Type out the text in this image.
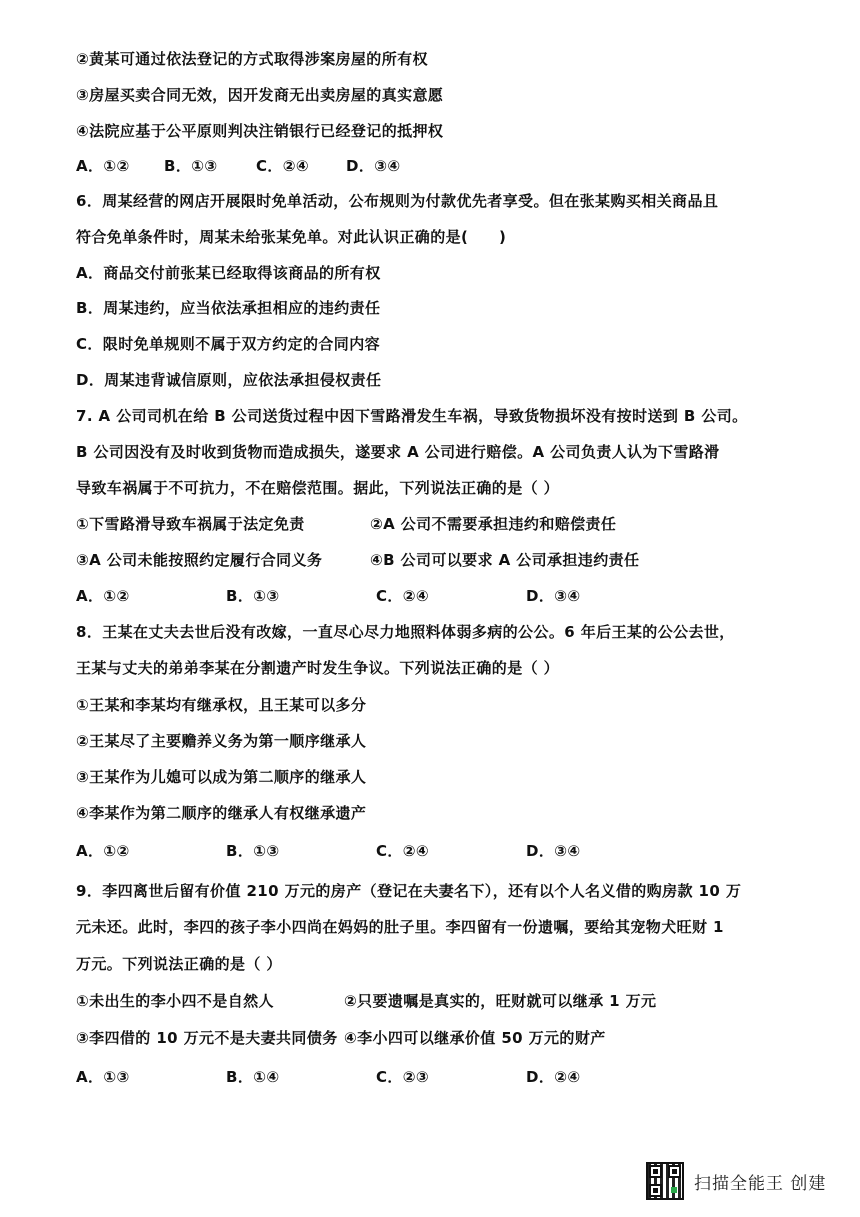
②黄某可通过依法登记的方式取得涉案房屋的所有权
③房屋买卖合同无效，因开发商无出卖房屋的真实意愿
④法院应基于公平原则判决注销银行已经登记的抵押权
A．①② B．①③	C．②④ D．③④
6．周某经营的网店开展限时免单活动，公布规则为付款优先者享受。但在张某购买相关商品且
符合免单条件时，周某未给张某免单。对此认识正确的是(　　)
A．商品交付前张某已经取得该商品的所有权
B．周某违约，应当依法承担相应的违约责任
C．限时免单规则不属于双方约定的合同内容
D．周某违背诚信原则，应依法承担侵权责任
7. A 公司司机在给 B 公司送货过程中因下雪路滑发生车祸，导致货物损坏没有按时送到 B 公司。
B 公司因没有及时收到货物而造成损失，遂要求 A 公司进行赔偿。A 公司负责人认为下雪路滑
导致车祸属于不可抗力，不在赔偿范围。据此，下列说法正确的是（ ）
①下雪路滑导致车祸属于法定免责	②A 公司不需要承担违约和赔偿责任
③A 公司未能按照约定履行合同义务	④B 公司可以要求 A 公司承担违约责任
A．①②	B．①③	C．②④	D．③④
8．王某在丈夫去世后没有改嫁，一直尽心尽力地照料体弱多病的公公。6 年后王某的公公去世，
王某与丈夫的弟弟李某在分割遗产时发生争议。下列说法正确的是（ ）
①王某和李某均有继承权，且王某可以多分
②王某尽了主要赡养义务为第一顺序继承人
③王某作为儿媳可以成为第二顺序的继承人
④李某作为第二顺序的继承人有权继承遗产
A．①②	B．①③	C．②④	D．③④
9．李四离世后留有价值 210 万元的房产（登记在夫妻名下），还有以个人名义借的购房款 10 万
元未还。此时，李四的孩子李小四尚在妈妈的肚子里。李四留有一份遗嘱，要给其宠物犬旺财 1
万元。下列说法正确的是（ ）
①未出生的李小四不是自然人	②只要遗嘱是真实的，旺财就可以继承 1 万元
③李四借的 10 万元不是夫妻共同债务 ④李小四可以继承价值 50 万元的财产
A．①③	B．①④	C．②③	D．②④
扫描全能王 创建
